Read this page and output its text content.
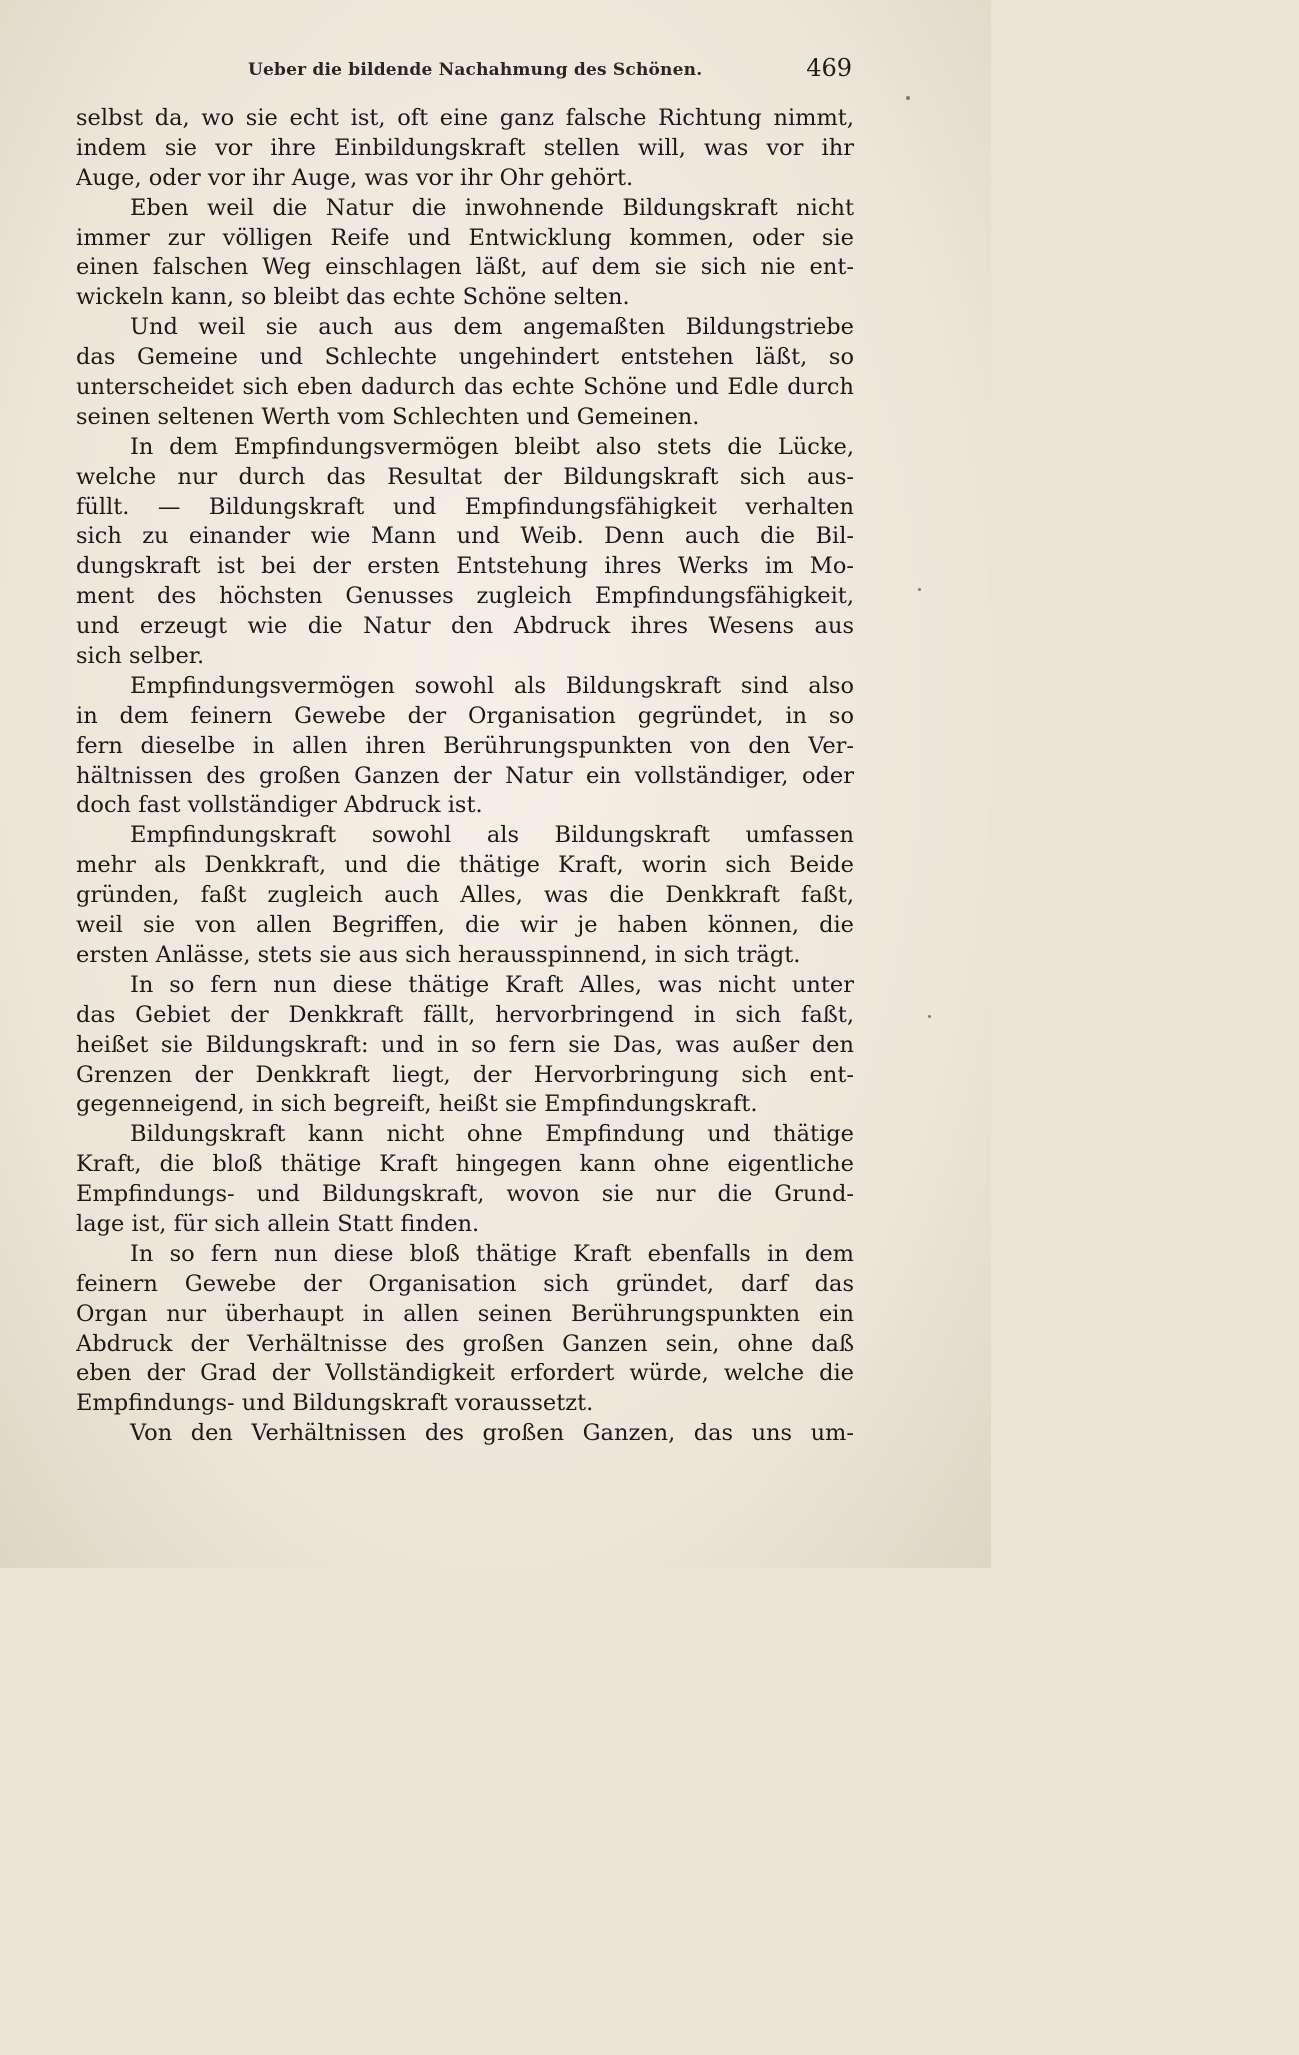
Ueber die bildende Nachahmung des Schönen.	469
selbst da, wo sie echt ist, oft eine ganz falsche Richtung nimmt,
indem sie vor ihre Einbildungskraft stellen will, was vor ihr
Auge, oder vor ihr Auge, was vor ihr Ohr gehört.
Eben weil die Natur die inwohnende Bildungskraft nicht
immer zur völligen Reife und Entwicklung kommen, oder sie
einen falschen Weg einschlagen läßt, auf dem sie sich nie ent-
wickeln kann, so bleibt das echte Schöne selten.
Und weil sie auch aus dem angemaßten Bildungstriebe
das Gemeine und Schlechte ungehindert entstehen läßt, so
unterscheidet sich eben dadurch das echte Schöne und Edle durch
seinen seltenen Werth vom Schlechten und Gemeinen.
In dem Empfindungsvermögen bleibt also stets die Lücke,
welche nur durch das Resultat der Bildungskraft sich aus-
füllt. — Bildungskraft und Empfindungsfähigkeit verhalten
sich zu einander wie Mann und Weib. Denn auch die Bil-
dungskraft ist bei der ersten Entstehung ihres Werks im Mo-
ment des höchsten Genusses zugleich Empfindungsfähigkeit,
und erzeugt wie die Natur den Abdruck ihres Wesens aus
sich selber.
Empfindungsvermögen sowohl als Bildungskraft sind also
in dem feinern Gewebe der Organisation gegründet, in so
fern dieselbe in allen ihren Berührungspunkten von den Ver-
hältnissen des großen Ganzen der Natur ein vollständiger, oder
doch fast vollständiger Abdruck ist.
Empfindungskraft sowohl als Bildungskraft umfassen
mehr als Denkkraft, und die thätige Kraft, worin sich Beide
gründen, faßt zugleich auch Alles, was die Denkkraft faßt,
weil sie von allen Begriffen, die wir je haben können, die
ersten Anlässe, stets sie aus sich herausspinnend, in sich trägt.
In so fern nun diese thätige Kraft Alles, was nicht unter
das Gebiet der Denkkraft fällt, hervorbringend in sich faßt,
heißet sie Bildungskraft: und in so fern sie Das, was außer den
Grenzen der Denkkraft liegt, der Hervorbringung sich ent-
gegenneigend, in sich begreift, heißt sie Empfindungskraft.
Bildungskraft kann nicht ohne Empfindung und thätige
Kraft, die bloß thätige Kraft hingegen kann ohne eigentliche
Empfindungs- und Bildungskraft, wovon sie nur die Grund-
lage ist, für sich allein Statt finden.
In so fern nun diese bloß thätige Kraft ebenfalls in dem
feinern Gewebe der Organisation sich gründet, darf das
Organ nur überhaupt in allen seinen Berührungspunkten ein
Abdruck der Verhältnisse des großen Ganzen sein, ohne daß
eben der Grad der Vollständigkeit erfordert würde, welche die
Empfindungs- und Bildungskraft voraussetzt.
Von den Verhältnissen des großen Ganzen, das uns um-
